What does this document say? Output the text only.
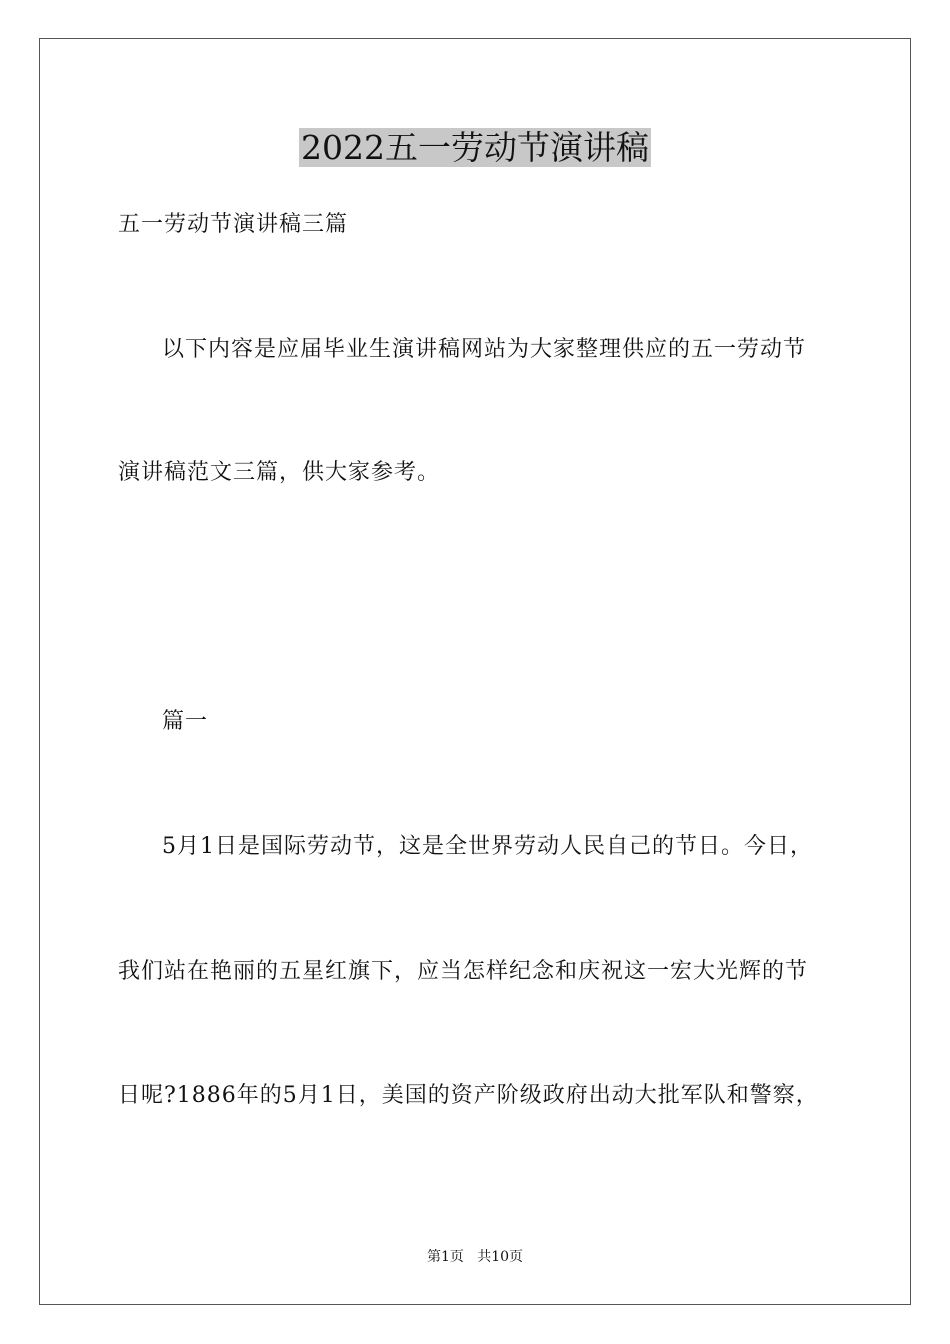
2022五一劳动节演讲稿

五一劳动节演讲稿三篇

以下内容是应届毕业生演讲稿网站为大家整理供应的五一劳动节

演讲稿范文三篇，供大家参考。

篇一

5月1日是国际劳动节，这是全世界劳动人民自己的节日。今日，

我们站在艳丽的五星红旗下，应当怎样纪念和庆祝这一宏大光辉的节

日呢?1886年的5月1日，美国的资产阶级政府出动大批军队和警察，

第1页   共10页
